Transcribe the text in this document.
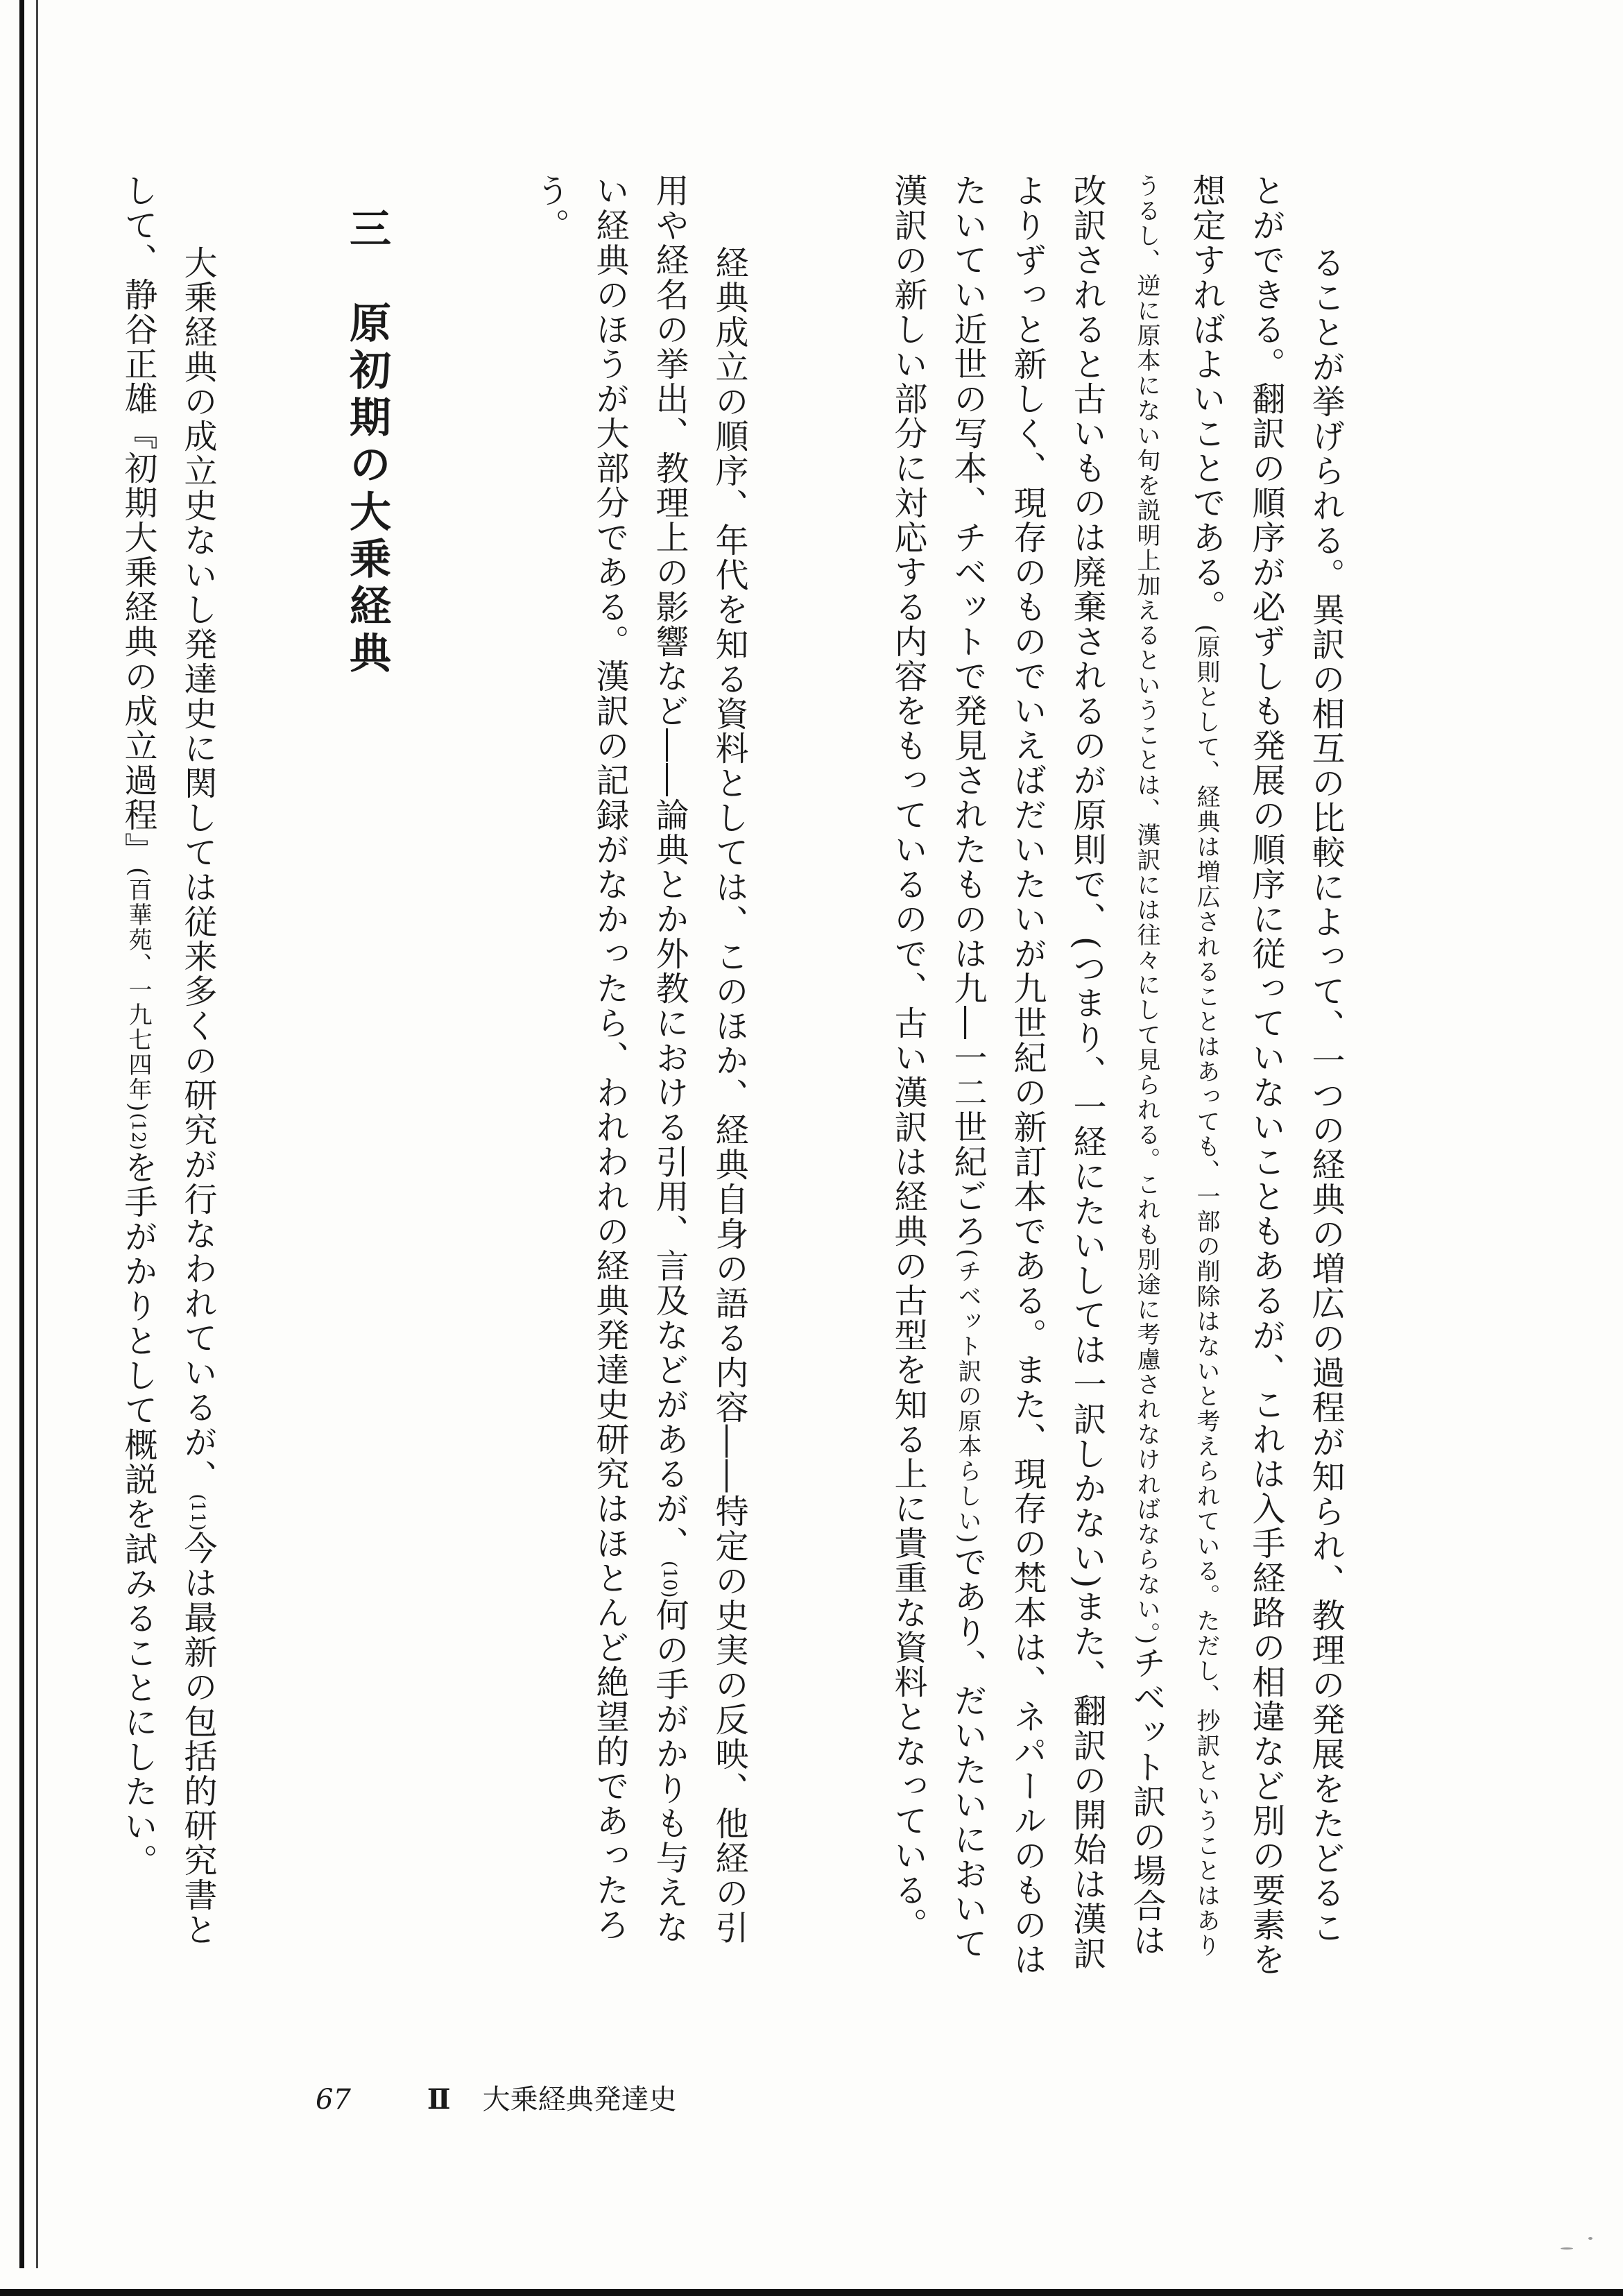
ることが挙げられる。異訳の相互の比較によって、一つの経典の増広の過程が知られ、教理の発展をたどることができる。翻訳の順序が必ずしも発展の順序に従っていないこともあるが、これは入手経路の相違など別の要素を想定すればよいことである。(原則として、経典は増広されることはあっても、一部の削除はないと考えられている。ただし、抄訳ということはありうるし、逆に原本にない句を説明上加えるということは、漢訳には往々にして見られる。これも別途に考慮されなければならない。)チベット訳の場合は改訳されると古いものは廃棄されるのが原則で、(つまり、一経にたいしては一訳しかない)また、翻訳の開始は漢訳よりずっと新しく、現存のものでいえばだいたいが九世紀の新訂本である。また、現存の梵本は、ネパールのものはたいてい近世の写本、チベットで発見されたものは九―一二世紀ごろ(チベット訳の原本らしい)であり、だいたいにおいて漢訳の新しい部分に対応する内容をもっているので、古い漢訳は経典の古型を知る上に貴重な資料となっている。

経典成立の順序、年代を知る資料としては、このほか、経典自身の語る内容――特定の史実の反映、他経の引用や経名の挙出、教理上の影響など――論典とか外教における引用、言及などがあるが、(10)何の手がかりも与えない経典のほうが大部分である。漢訳の記録がなかったら、われわれの経典発達史研究はほとんど絶望的であったろう。

三　原初期の大乗経典

大乗経典の成立史ないし発達史に関しては従来多くの研究が行なわれているが、(11)今は最新の包括的研究書として、静谷正雄『初期大乗経典の成立過程』(百華苑、一九七四年)(12)を手がかりとして概説を試みることにしたい。

67	Ⅱ 大乗経典発達史
